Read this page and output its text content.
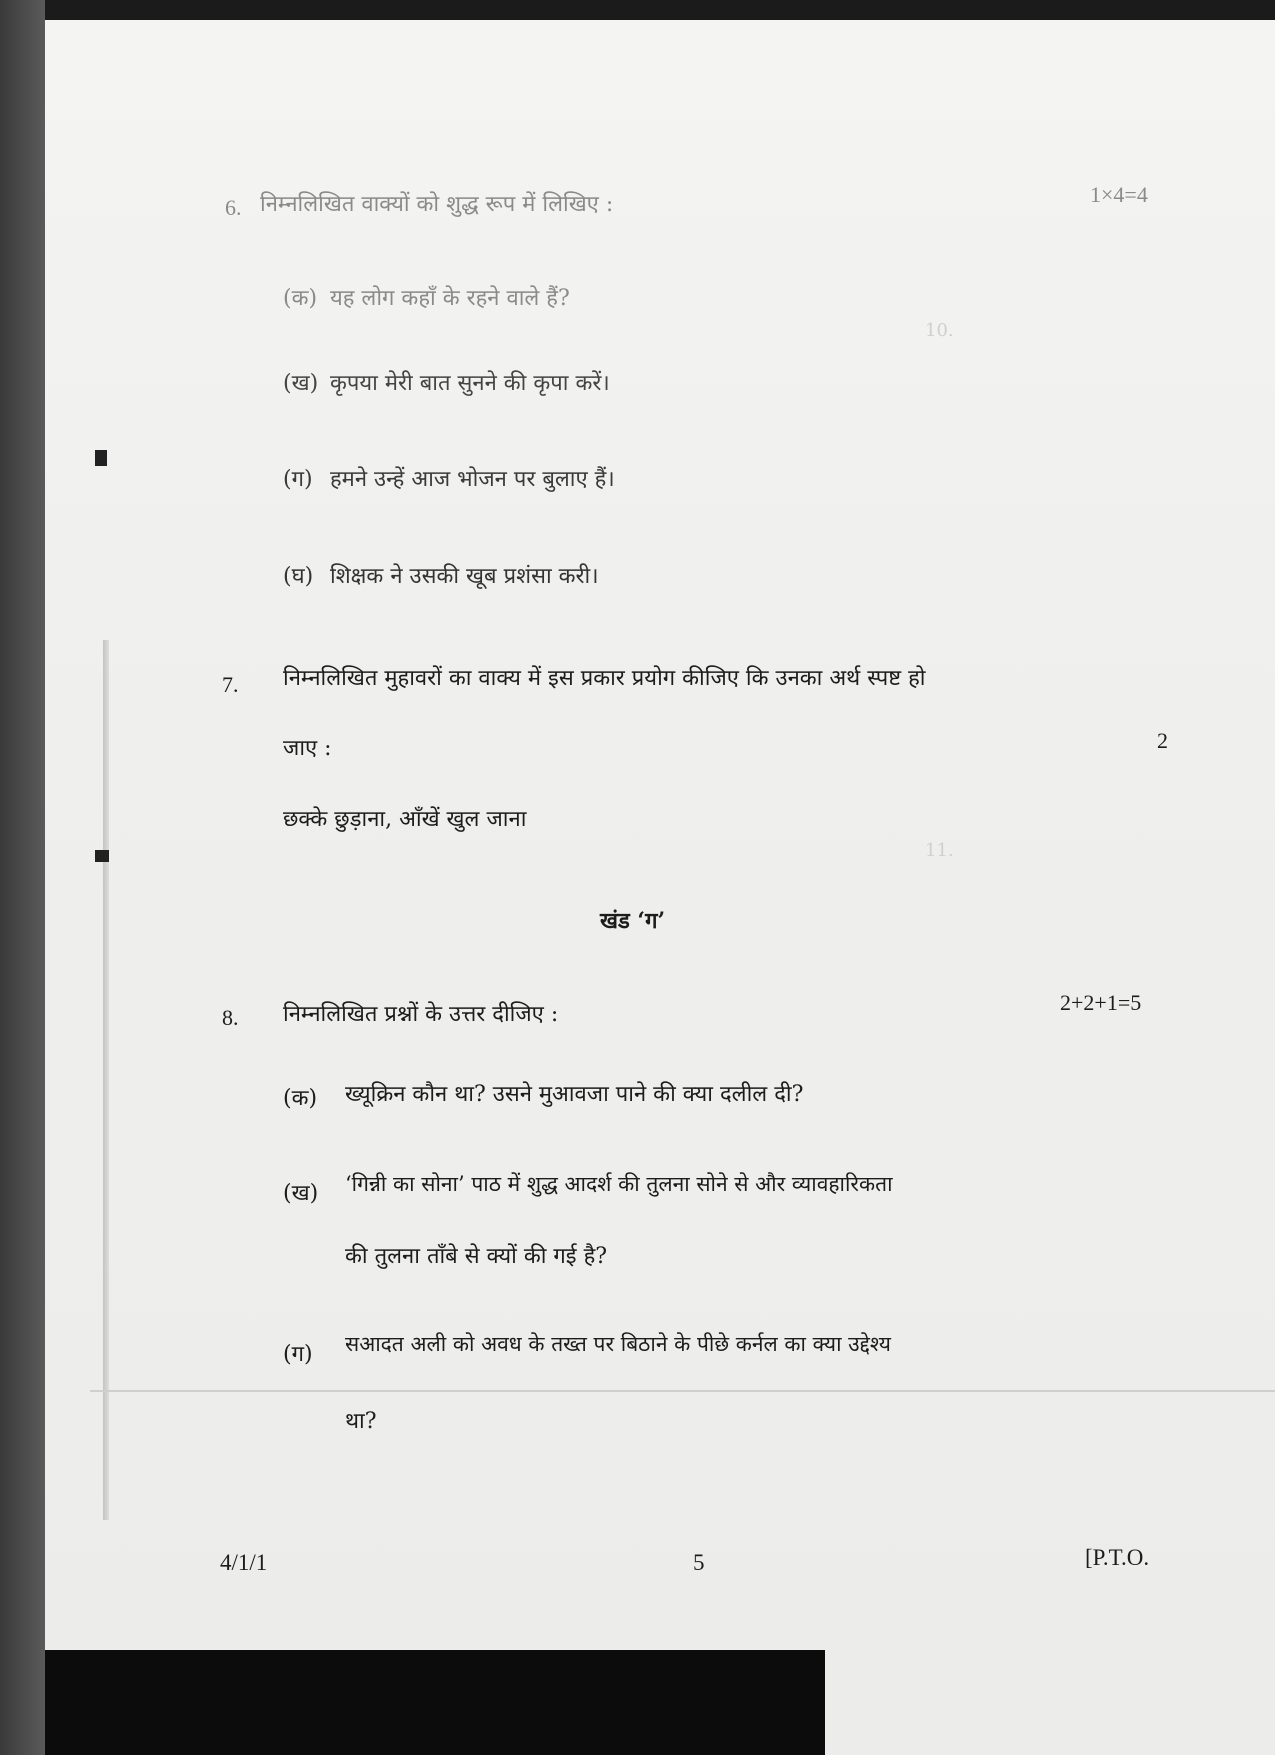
10.
11.
6. निम्नलिखित वाक्यों को शुद्ध रूप में लिखिए :	1×4=4
(क) यह लोग कहाँ के रहने वाले हैं?
(ख) कृपया मेरी बात सुनने की कृपा करें।
(ग) हमने उन्हें आज भोजन पर बुलाए हैं।
(घ) शिक्षक ने उसकी खूब प्रशंसा करी।
7. निम्नलिखित मुहावरों का वाक्य में इस प्रकार प्रयोग कीजिए कि उनका अर्थ स्पष्ट हो
जाए :	2
छक्के छुड़ाना, आँखें खुल जाना
खंड ‘ग’
8. निम्नलिखित प्रश्नों के उत्तर दीजिए :	2+2+1=5
(क) ख्यूक्रिन कौन था? उसने मुआवजा पाने की क्या दलील दी?
(ख) ‘गिन्नी का सोना’ पाठ में शुद्ध आदर्श की तुलना सोने से और व्यावहारिकता
की तुलना ताँबे से क्यों की गई है?
(ग) सआदत अली को अवध के तख्त पर बिठाने के पीछे कर्नल का क्या उद्देश्य
था?
4/1/1	5	[P.T.O.
